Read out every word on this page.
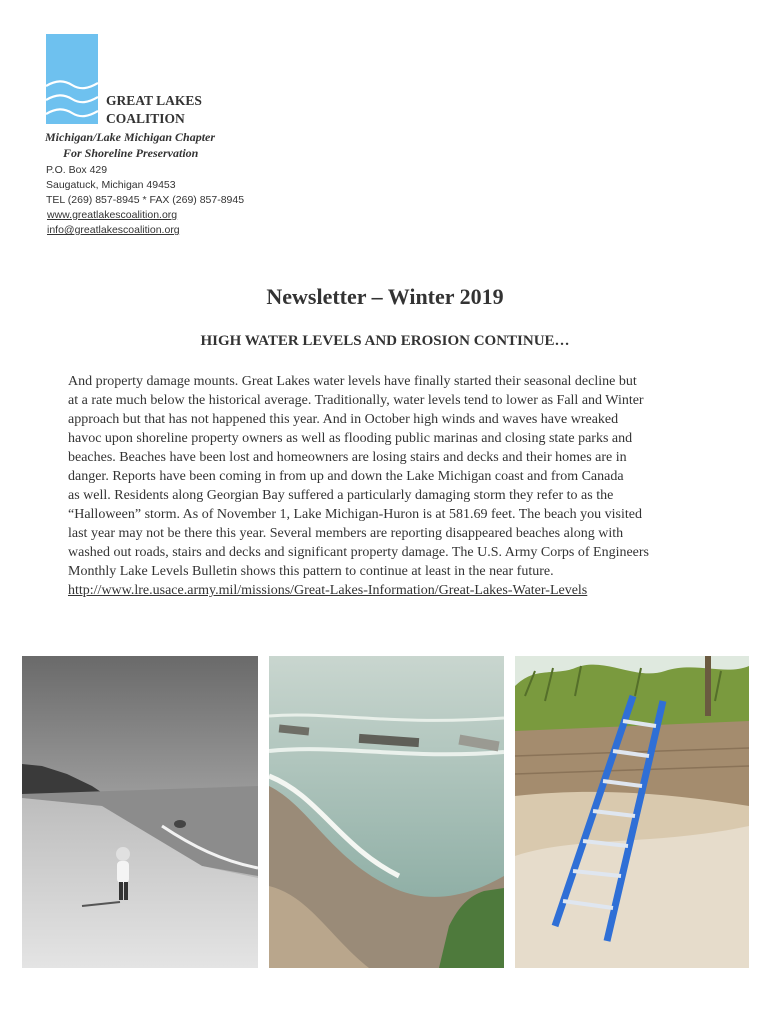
GREAT LAKES
COALITION
Michigan/Lake Michigan Chapter
For Shoreline Preservation
P.O. Box 429
Saugatuck, Michigan 49453
TEL (269) 857-8945 * FAX (269) 857-8945
www.greatlakescoalition.org
info@greatlakescoalition.org
Newsletter – Winter 2019
HIGH WATER LEVELS AND EROSION CONTINUE…
And property damage mounts. Great Lakes water levels have finally started their seasonal decline but
at a rate much below the historical average. Traditionally, water levels tend to lower as Fall and Winter
approach but that has not happened this year. And in October high winds and waves have wreaked
havoc upon shoreline property owners as well as flooding public marinas and closing state parks and
beaches. Beaches have been lost and homeowners are losing stairs and decks and their homes are in
danger. Reports have been coming in from up and down the Lake Michigan coast and from Canada
as well. Residents along Georgian Bay suffered a particularly damaging storm they refer to as the
“Halloween” storm. As of November 1, Lake Michigan-Huron is at 581.69 feet. The beach you visited
last year may not be there this year. Several members are reporting disappeared beaches along with
washed out roads, stairs and decks and significant property damage. The U.S. Army Corps of Engineers
Monthly Lake Levels Bulletin shows this pattern to continue at least in the near future.
http://www.lre.usace.army.mil/missions/Great-Lakes-Information/Great-Lakes-Water-Levels
